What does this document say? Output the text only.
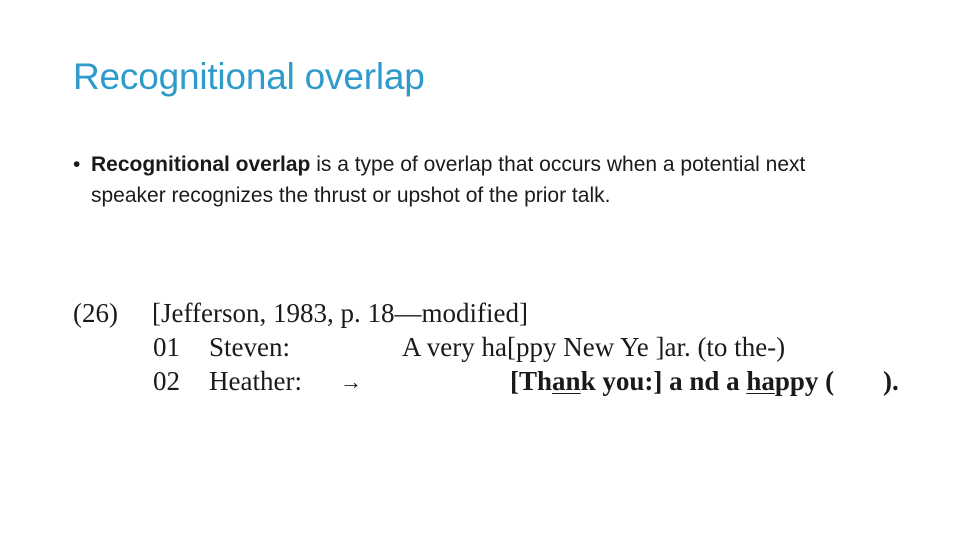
Recognitional overlap
• Recognitional overlap is a type of overlap that occurs when a potential next speaker recognizes the thrust or upshot of the prior talk.
(26) [Jefferson, 1983, p. 18—modified]
01 Steven:	A very ha[ppy New Ye ]ar. (to the-)
02 Heather: →	[Thank you:] a nd a happy ( ).
